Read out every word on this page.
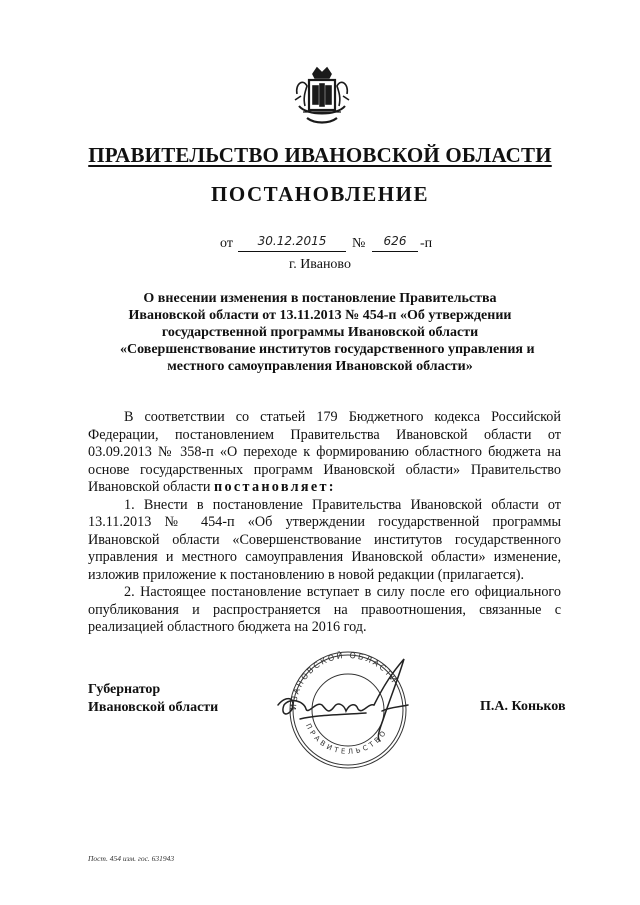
ПРАВИТЕЛЬСТВО ИВАНОВСКОЙ ОБЛАСТИ
ПОСТАНОВЛЕНИЕ
от	30.12.2015	№	626 -п
г. Иваново
О внесении изменения в постановление Правительства
Ивановской области от 13.11.2013 № 454-п «Об утверждении
государственной программы Ивановской области
«Совершенствование институтов государственного управления и
местного самоуправления Ивановской области»

В соответствии со статьей 179 Бюджетного кодекса Российской Федерации, постановлением Правительства Ивановской области от 03.09.2013 № 358-п «О переходе к формированию областного бюджета на основе государственных программ Ивановской области» Правительство Ивановской области постановляет:

1. Внести в постановление Правительства Ивановской области от 13.11.2013 № 454-п «Об утверждении государственной программы Ивановской области «Совершенствование институтов государственного управления и местного самоуправления Ивановской области» изменение, изложив приложение к постановлению в новой редакции (прилагается).

2. Настоящее постановление вступает в силу после его официального опубликования и распространяется на правоотношения, связанные с реализацией областного бюджета на 2016 год.

Губернатор
Ивановской области	ИВАНОВСКОЙ ОБЛАСТИ
ПРАВИТЕЛЬСТВО
П.А. Коньков
Пост. 454 изм. гос. 631943
